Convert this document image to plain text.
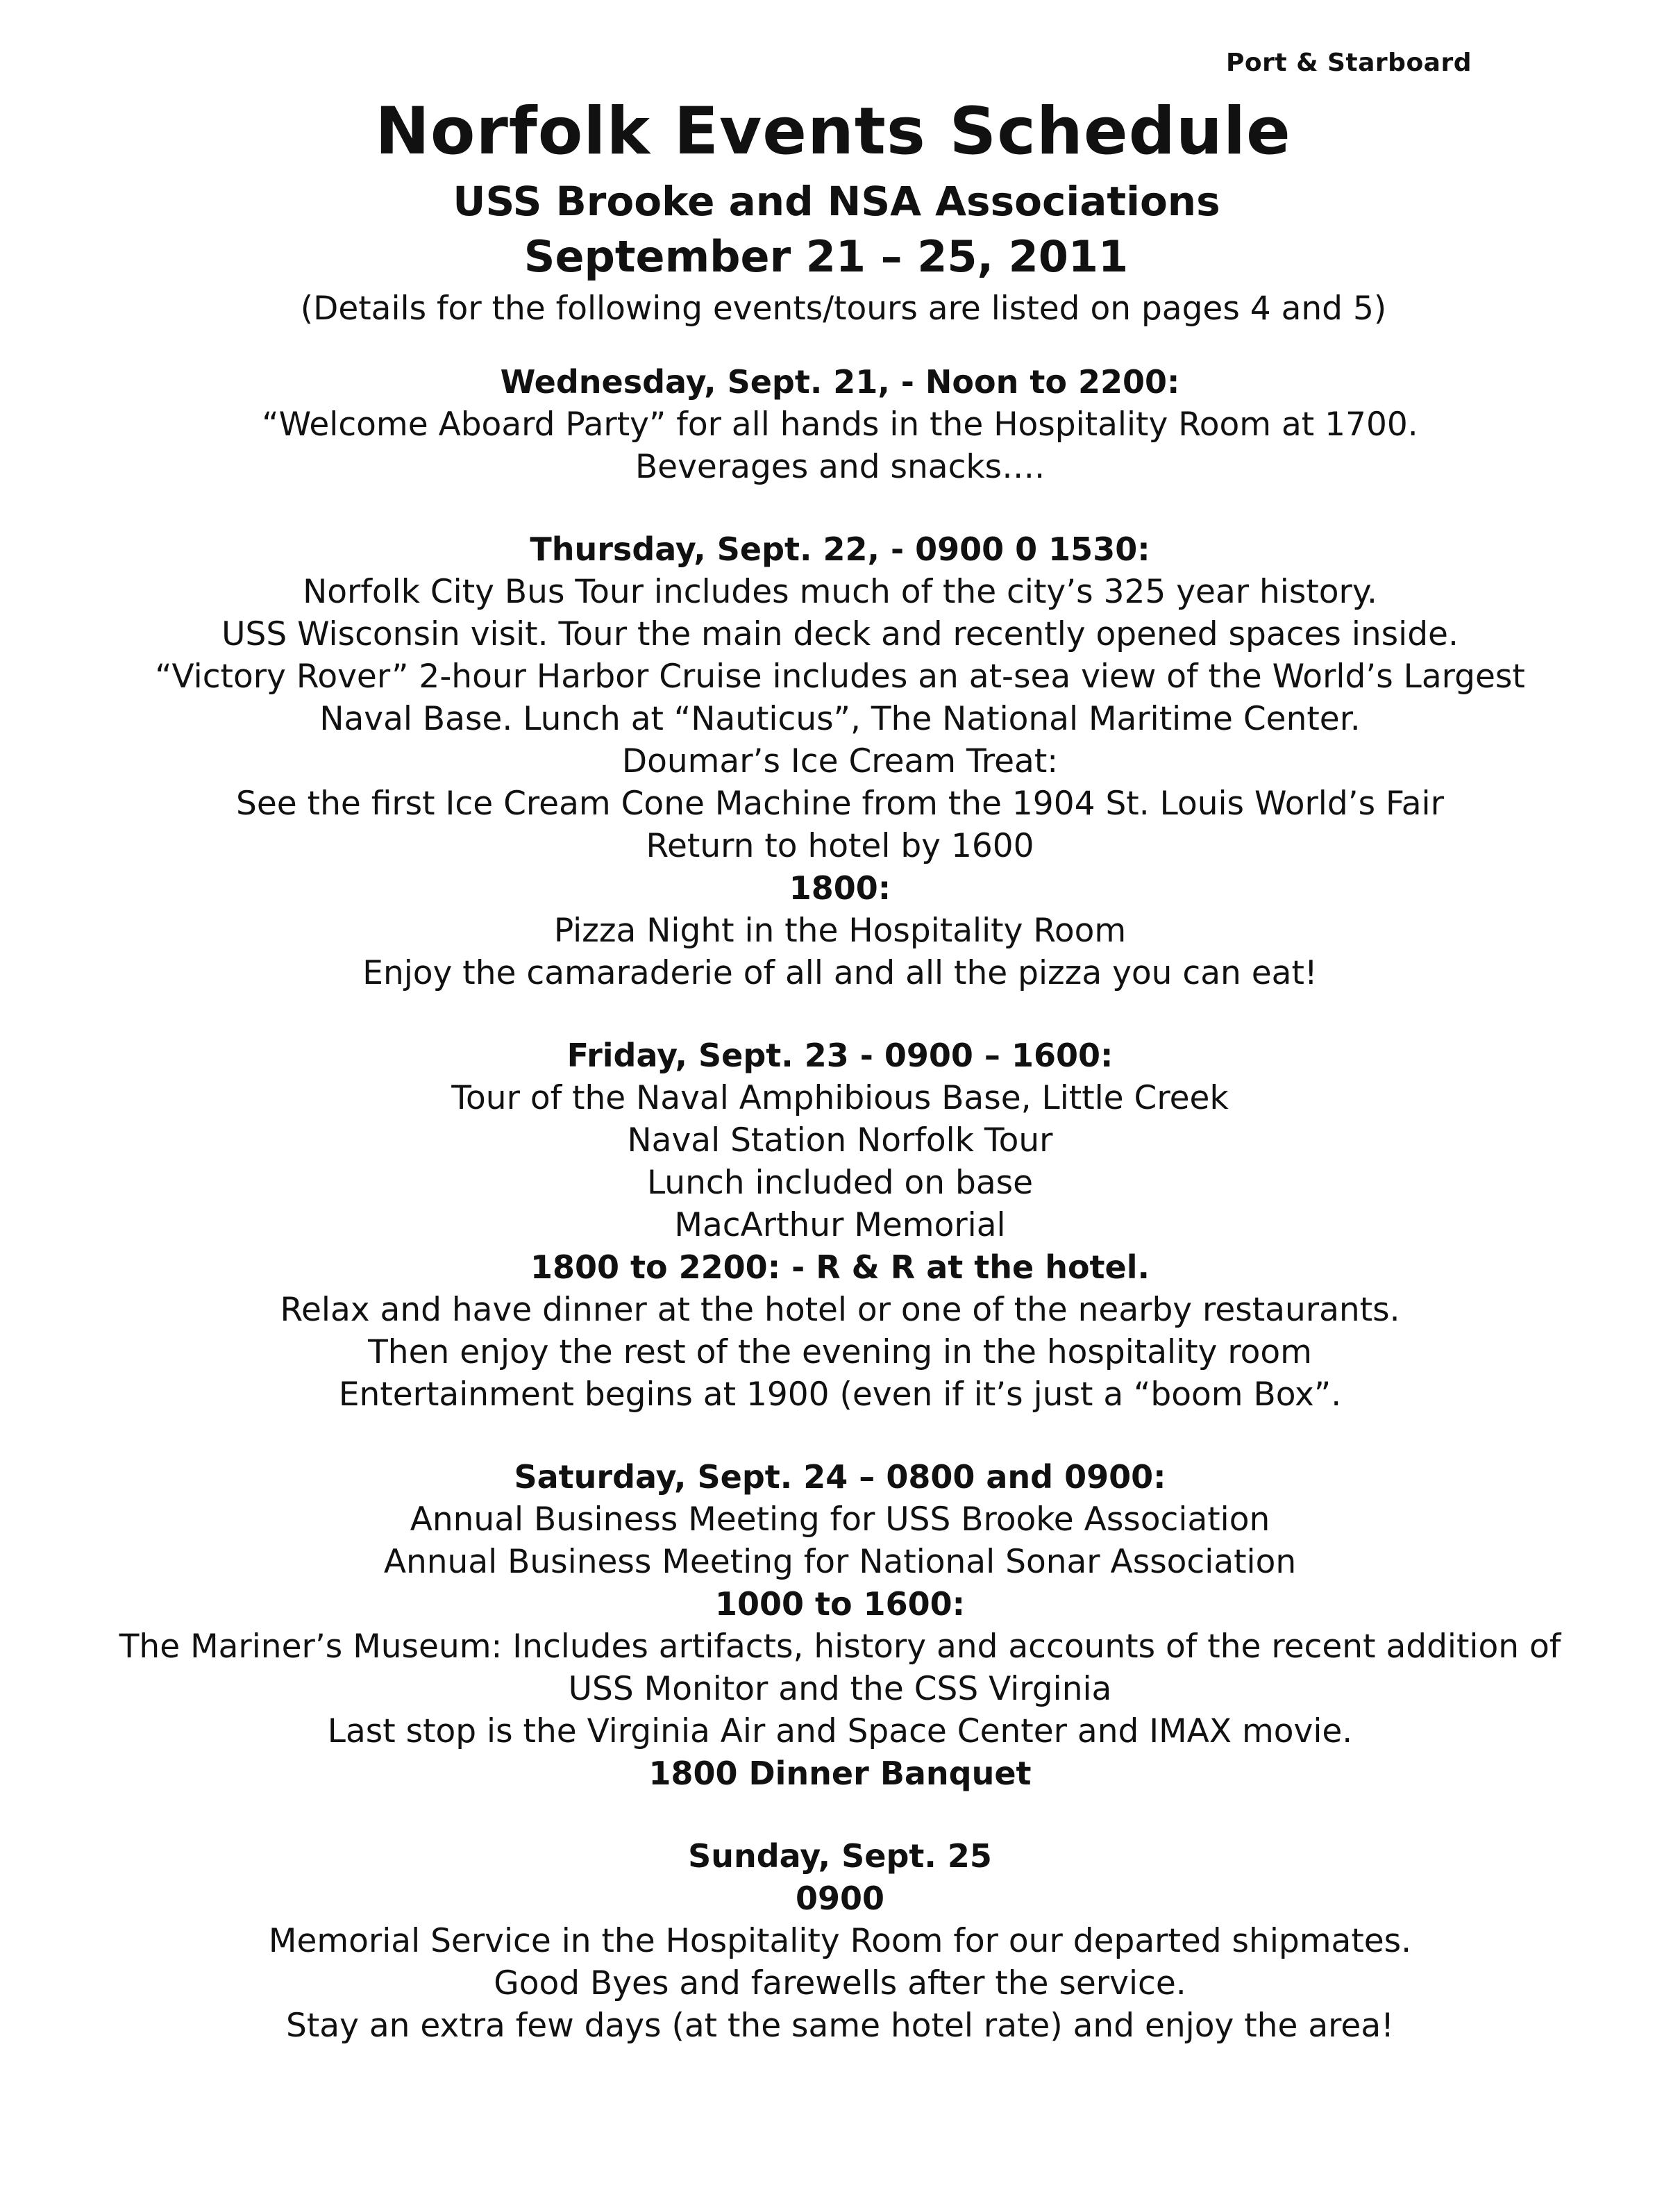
Port & Starboard
Norfolk Events Schedule
USS Brooke and NSA Associations
September 21 – 25, 2011
(Details for the following events/tours are listed on pages 4 and 5)
Wednesday, Sept. 21, - Noon to 2200:
“Welcome Aboard Party” for all hands in the Hospitality Room at 1700.
Beverages and snacks….
Thursday, Sept. 22, - 0900 0 1530:
Norfolk City Bus Tour includes much of the city’s 325 year history.
USS Wisconsin visit. Tour the main deck and recently opened spaces inside.
“Victory Rover” 2-hour Harbor Cruise includes an at-sea view of the World’s Largest
Naval Base. Lunch at “Nauticus”, The National Maritime Center.
Doumar’s Ice Cream Treat:
See the first Ice Cream Cone Machine from the 1904 St. Louis World’s Fair
Return to hotel by 1600
1800:
Pizza Night in the Hospitality Room
Enjoy the camaraderie of all and all the pizza you can eat!
Friday, Sept. 23 - 0900 – 1600:
Tour of the Naval Amphibious Base, Little Creek
Naval Station Norfolk Tour
Lunch included on base
MacArthur Memorial
1800 to 2200: - R & R at the hotel.
Relax and have dinner at the hotel or one of the nearby restaurants.
Then enjoy the rest of the evening in the hospitality room
Entertainment begins at 1900 (even if it’s just a “boom Box”.
Saturday, Sept. 24 – 0800 and 0900:
Annual Business Meeting for USS Brooke Association
Annual Business Meeting for National Sonar Association
1000 to 1600:
The Mariner’s Museum: Includes artifacts, history and accounts of the recent addition of
USS Monitor and the CSS Virginia
Last stop is the Virginia Air and Space Center and IMAX movie.
1800 Dinner Banquet
Sunday, Sept. 25
0900
Memorial Service in the Hospitality Room for our departed shipmates.
Good Byes and farewells after the service.
Stay an extra few days (at the same hotel rate) and enjoy the area!
